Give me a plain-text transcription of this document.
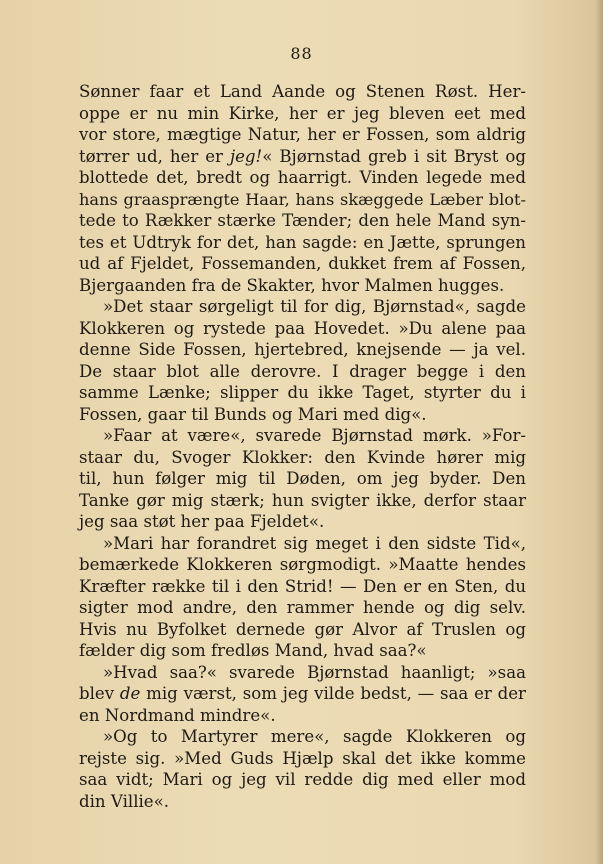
88
Sønner faar et Land Aande og Stenen Røst. Her-
oppe er nu min Kirke, her er jeg bleven eet med
vor store, mægtige Natur, her er Fossen, som aldrig
tørrer ud, her er jeg!« Bjørnstad greb i sit Bryst og
blottede det, bredt og haarrigt. Vinden legede med
hans graasprængte Haar, hans skæggede Læber blot-
tede to Rækker stærke Tænder; den hele Mand syn-
tes et Udtryk for det, han sagde: en Jætte, sprungen
ud af Fjeldet, Fossemanden, dukket frem af Fossen,
Bjergaanden fra de Skakter, hvor Malmen hugges.
»Det staar sørgeligt til for dig, Bjørnstad«, sagde
Klokkeren og rystede paa Hovedet. »Du alene paa
denne Side Fossen, hjertebred, knejsende — ja vel.
De staar blot alle derovre. I drager begge i den
samme Lænke; slipper du ikke Taget, styrter du i
Fossen, gaar til Bunds og Mari med dig«.
»Faar at være«, svarede Bjørnstad mørk. »For-
staar du, Svoger Klokker: den Kvinde hører mig
til, hun følger mig til Døden, om jeg byder. Den
Tanke gør mig stærk; hun svigter ikke, derfor staar
jeg saa støt her paa Fjeldet«.
»Mari har forandret sig meget i den sidste Tid«,
bemærkede Klokkeren sørgmodigt. »Maatte hendes
Kræfter række til i den Strid! — Den er en Sten, du
sigter mod andre, den rammer hende og dig selv.
Hvis nu Byfolket dernede gør Alvor af Truslen og
fælder dig som fredløs Mand, hvad saa?«
»Hvad saa?« svarede Bjørnstad haanligt; »saa
blev de mig værst, som jeg vilde bedst, — saa er der
en Nordmand mindre«.
»Og to Martyrer mere«, sagde Klokkeren og
rejste sig. »Med Guds Hjælp skal det ikke komme
saa vidt; Mari og jeg vil redde dig med eller mod
din Villie«.
